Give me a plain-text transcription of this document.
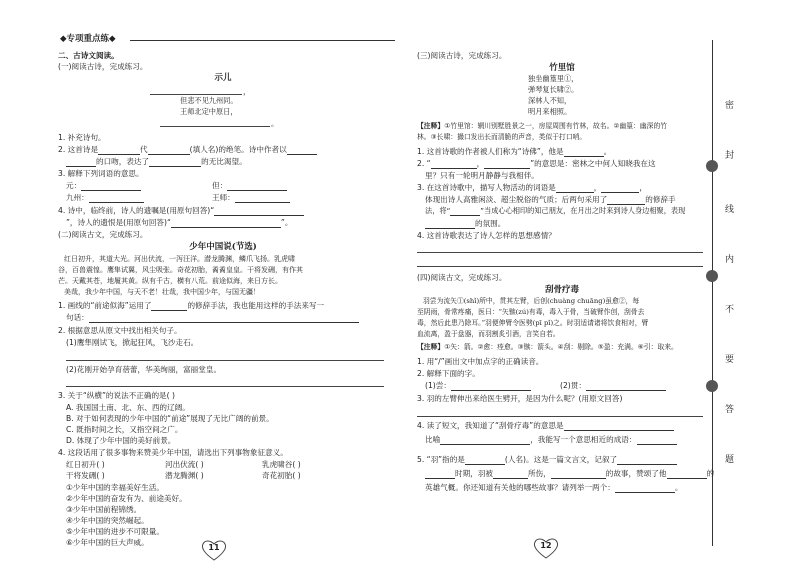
◆专项重点练◆
二、古诗文阅读。
(一)阅读古诗，完成练习。
示儿
，
但悲不见九州同。
王师北定中原日，
。
1. 补充诗句。
2. 这首诗是	代	(填人名)的绝笔。诗中作者以
的口吻，表达了	的无比渴望。
3. 解释下列词语的意思。
元：	但：
九州：	王师：
4. 诗中，临终前，诗人的遗嘱是(用原句回答)“
”，诗人的遗恨是(用原句回答)“	”。
(二)阅读古文，完成练习。
少年中国说(节选)
红日初升，其道大光。河出伏流，一泻汪洋。潜龙腾渊，鳞爪飞扬。乳虎啸
谷，百兽震惶。鹰隼试翼，风尘吸张。奇花初胎，矞矞皇皇。干将发硎，有作其
芒。天戴其苍，地履其黄。纵有千古，横有八荒。前途似海，来日方长。
美哉，我少年中国，与天不老！壮哉，我中国少年，与国无疆！
1. 画线的“前途似海”运用了	的修辞手法，我也能用这样的手法来写一
句话：
2. 根据意思从原文中找出相关句子。
(1)鹰隼刚试飞，掀起狂风，飞沙走石。
(2)花刚开始孕育蓓蕾，华美绚丽，富丽堂皇。
3. 关于“纵横”的说法不正确的是( )
A. 我国国土南、北、东、西的辽阔。
B. 对于如何表现的少年中国的“前途”展现了无比广阔的前景。
C. 既指时间之长，又指空间之广。
D. 体现了少年中国的美好前景。
4. 这段话用了很多事物来赞美少年中国，请选出下列事物象征意义。
红日初升( )	河出伏流( )	乳虎啸谷( )
干将发硎( )	潜龙腾渊( )	奇花初胎( )
①少年中国的幸福美好生活。
②少年中国的奋发有为、前途美好。
③少年中国前程锦绣。
④少年中国的突然崛起。
⑤少年中国的进步不可限量。
⑥少年中国的巨大声威。
11
(三)阅读古诗，完成练习。
竹里馆
独坐幽篁里①，
弹琴复长啸②。
深林人不知，
明月来相照。
【注释】①竹里馆：辋川别墅胜景之一，房屋周围有竹林，故名。②幽篁：幽深的竹
林。③长啸：撮口发出长而清脆的声音，类似于打口哨。
1. 这首诗歌的作者被人们称为“诗佛”，他是	。
2. “	，	”的意思是：密林之中何人知晓我在这
里？只有一轮明月静静与我相伴。
3. 在这首诗歌中，描写人物活动的词语是	，	，
体现出诗人高雅闲淡、超尘脱俗的气质；后两句采用了	的修辞手
法，将“	”当成心心相印的知己朋友，在月出之时来到诗人身边相聚，表现
的氛围。
4. 这首诗歌表达了诗人怎样的思想感情？
(四)阅读古文，完成练习。
刮骨疗毒
羽尝为流矢①(shǐ)所中，贯其左臂，后创(chuàng chuāng)虽愈②，每
至阴雨，骨常疼痛，医曰：“矢镞(zú)有毒，毒入于骨，当破臂作创，刮骨去
毒，然后此患乃除耳。”羽便伸臂令医劈(pī pǐ)之。时羽适请诸将饮食相对，臂
血流离，盈于盘器，而羽割炙引酒，言笑自若。
【注释】①矢：箭。②愈：痊愈。③镞：箭头。④刮：剔除。⑤盈：充满。⑥引：取来。
1. 用“/”画出文中加点字的正确读音。
2. 解释下面的字。
(1)尝：	(2)贯：
3. 羽的左臂伸出来给医生劈开，是因为什么呢？(用原文回答)
4. 读了短文，我知道了“刮骨疗毒”的意思是
比喻	，我能写一个意思相近的成语：
5. “羽”指的是	(人名)。这是一篇文言文，记叙了
时期，羽被	所伤，	的故事，赞颂了他	的
英雄气概。你还知道有关他的哪些故事？请列举一两个：	。
12
密
封
线
内
不
要
答
题
